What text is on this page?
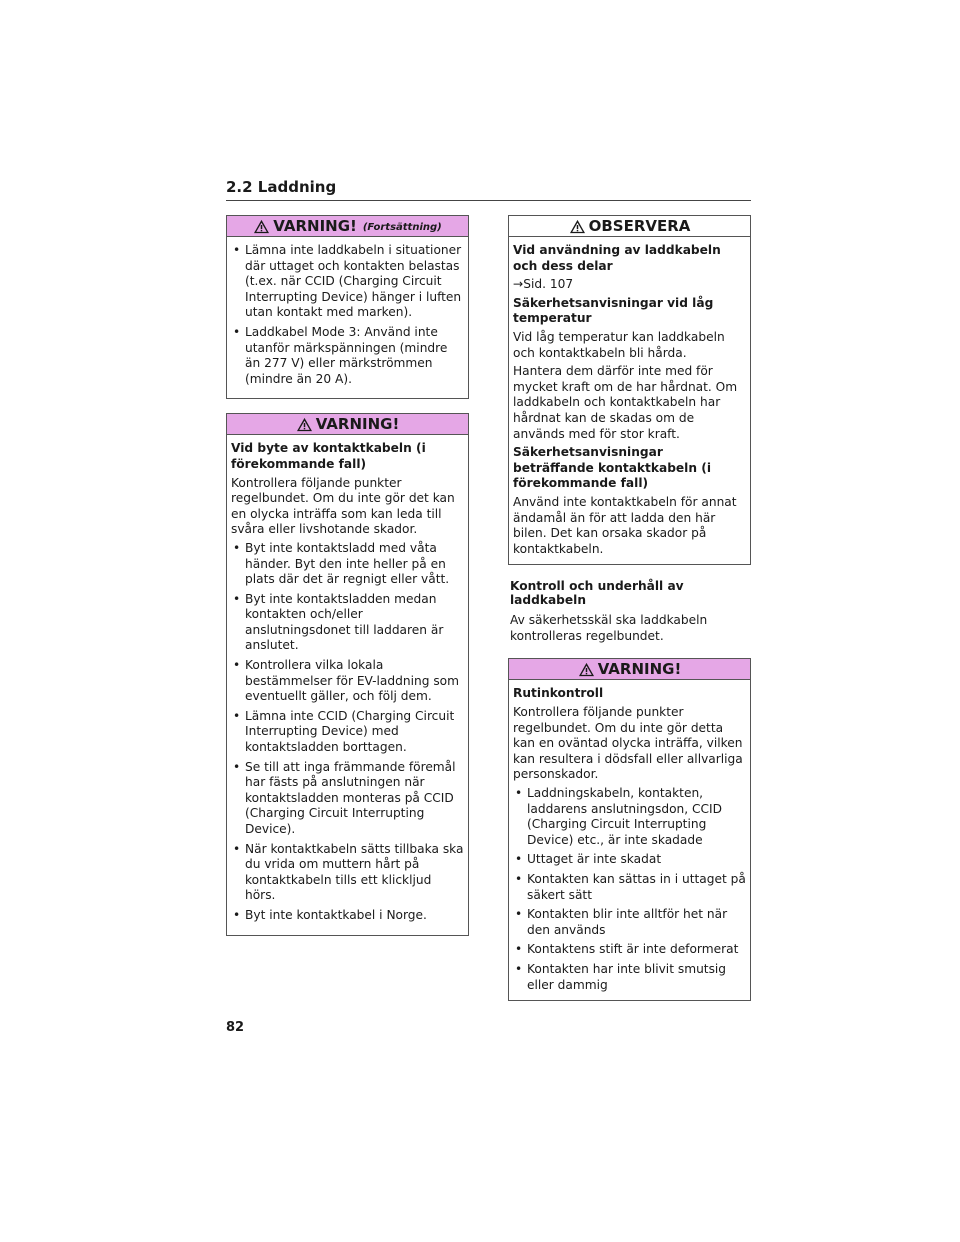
2.2 Laddning
VARNING! (Fortsättning)
• Lämna inte laddkabeln i situationer där uttaget och kontakten belastas (t.ex. när CCID (Charging Circuit Interrupting Device) hänger i luften utan kontakt med marken).
• Laddkabel Mode 3: Använd inte utanför märkspänningen (mindre än 277 V) eller märkströmmen (mindre än 20 A).
VARNING!
Vid byte av kontaktkabeln (i förekommande fall)
Kontrollera följande punkter regelbundet. Om du inte gör det kan en olycka inträffa som kan leda till svåra eller livshotande skador.
• Byt inte kontaktsladd med våta händer. Byt den inte heller på en plats där det är regnigt eller vått.
• Byt inte kontaktsladden medan kontakten och/eller anslutningsdonet till laddaren är anslutet.
• Kontrollera vilka lokala bestämmelser för EV-laddning som eventuellt gäller, och följ dem.
• Lämna inte CCID (Charging Circuit Interrupting Device) med kontaktsladden borttagen.
• Se till att inga främmande föremål har fästs på anslutningen när kontaktsladden monteras på CCID (Charging Circuit Interrupting Device).
• När kontaktkabeln sätts tillbaka ska du vrida om muttern hårt på kontaktkabeln tills ett klickljud hörs.
• Byt inte kontaktkabel i Norge.
OBSERVERA
Vid användning av laddkabeln och dess delar
→Sid. 107
Säkerhetsanvisningar vid låg temperatur
Vid låg temperatur kan laddkabeln och kontaktkabeln bli hårda.
Hantera dem därför inte med för mycket kraft om de har hårdnat. Om laddkabeln och kontaktkabeln har hårdnat kan de skadas om de används med för stor kraft.
Säkerhetsanvisningar beträffande kontaktkabeln (i förekommande fall)
Använd inte kontaktkabeln för annat ändamål än för att ladda den här bilen. Det kan orsaka skador på kontaktkabeln.
Kontroll och underhåll av laddkabeln
Av säkerhetsskäl ska laddkabeln kontrolleras regelbundet.
VARNING!
Rutinkontroll
Kontrollera följande punkter regelbundet. Om du inte gör detta kan en oväntad olycka inträffa, vilken kan resultera i dödsfall eller allvarliga personskador.
• Laddningskabeln, kontakten, laddarens anslutningsdon, CCID (Charging Circuit Interrupting Device) etc., är inte skadade
• Uttaget är inte skadat
• Kontakten kan sättas in i uttaget på säkert sätt
• Kontakten blir inte alltför het när den används
• Kontaktens stift är inte deformerat
• Kontakten har inte blivit smutsig eller dammig
82
